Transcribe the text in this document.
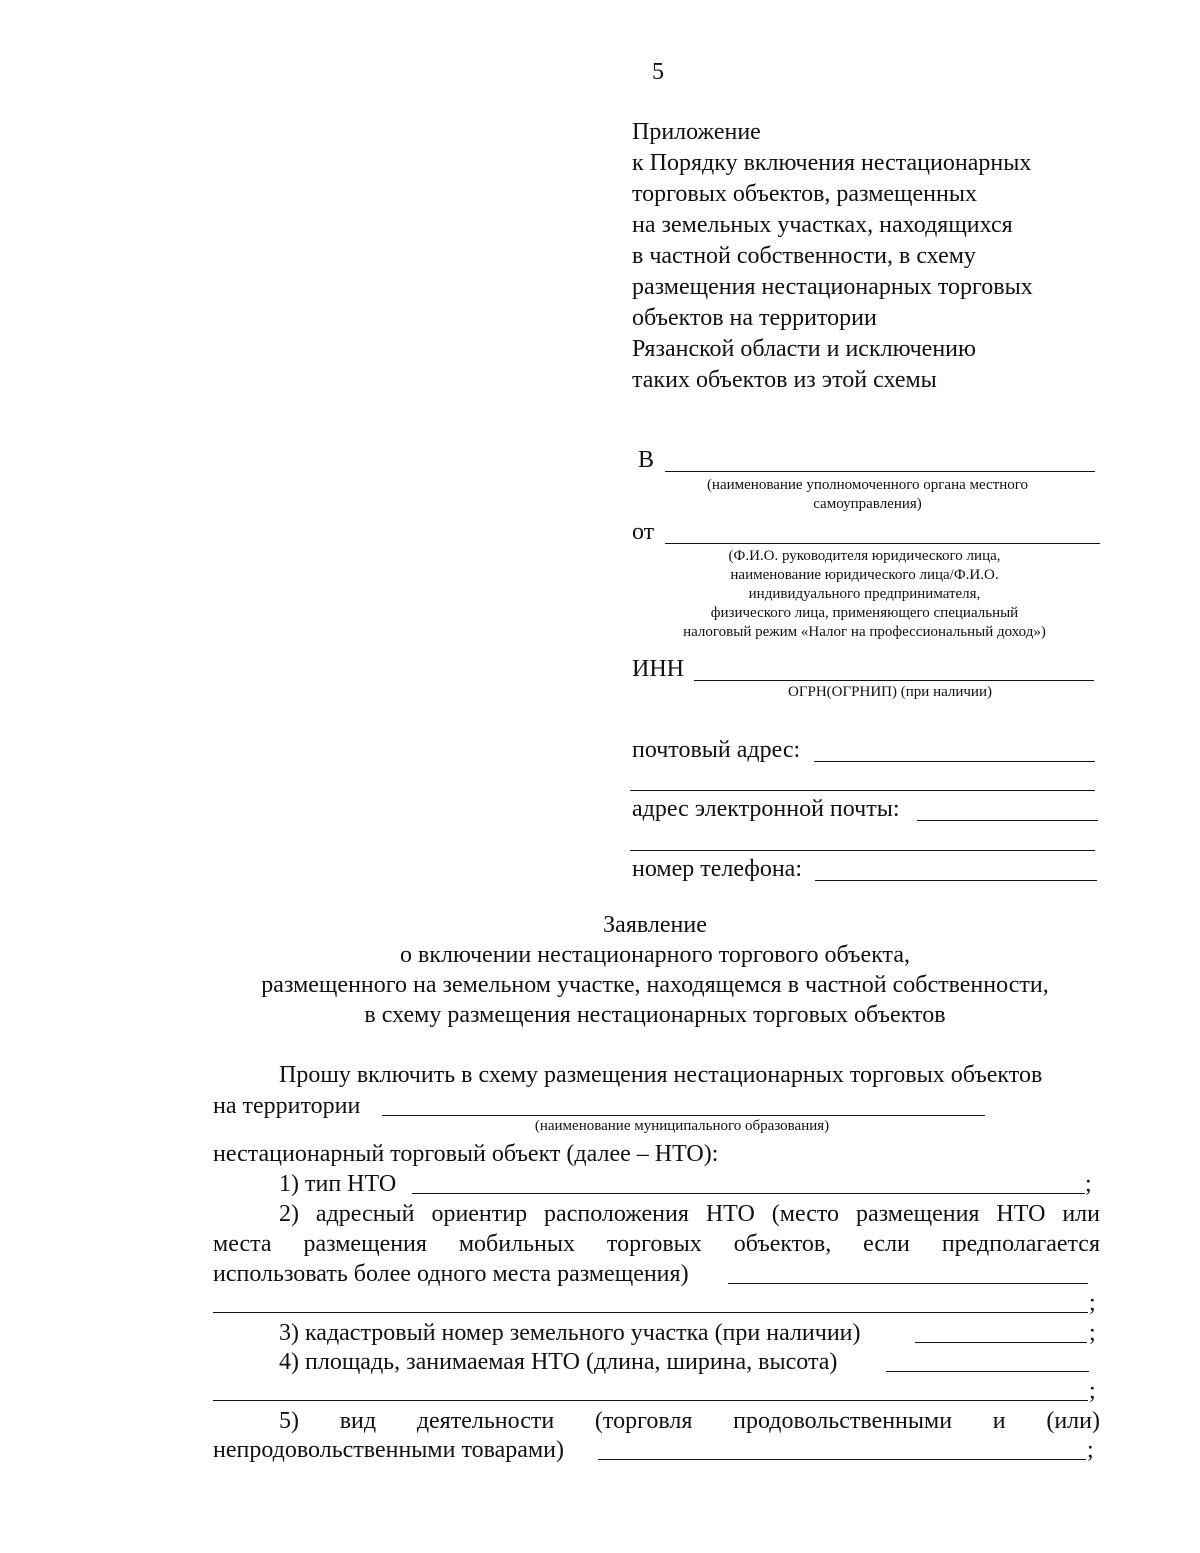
5
Приложение
к Порядку включения нестационарных
торговых объектов, размещенных
на земельных участках, находящихся
в частной собственности, в схему
размещения нестационарных торговых
объектов на территории
Рязанской области и исключению
таких объектов из этой схемы
В
(наименование уполномоченного органа местного
самоуправления)
от
(Ф.И.О. руководителя юридического лица,
наименование юридического лица/Ф.И.О.
индивидуального предпринимателя,
физического лица, применяющего специальный
налоговый режим «Налог на профессиональный доход»)
ИНН
ОГРН(ОГРНИП) (при наличии)
почтовый адрес:
адрес электронной почты:
номер телефона:
Заявление
о включении нестационарного торгового объекта,
размещенного на земельном участке, находящемся в частной собственности,
в схему размещения нестационарных торговых объектов
Прошу включить в схему размещения нестационарных торговых объектов
на территории
(наименование муниципального образования)
нестационарный торговый объект (далее – НТО):
1) тип НТО	;
2) адресный ориентир расположения НТО (место размещения НТО или
места размещения мобильных торговых объектов, если предполагается
использовать более одного места размещения)
;
3) кадастровый номер земельного участка (при наличии)	;
4) площадь, занимаемая НТО (длина, ширина, высота)
;
5) вид деятельности (торговля продовольственными и (или)
непродовольственными товарами)	;
